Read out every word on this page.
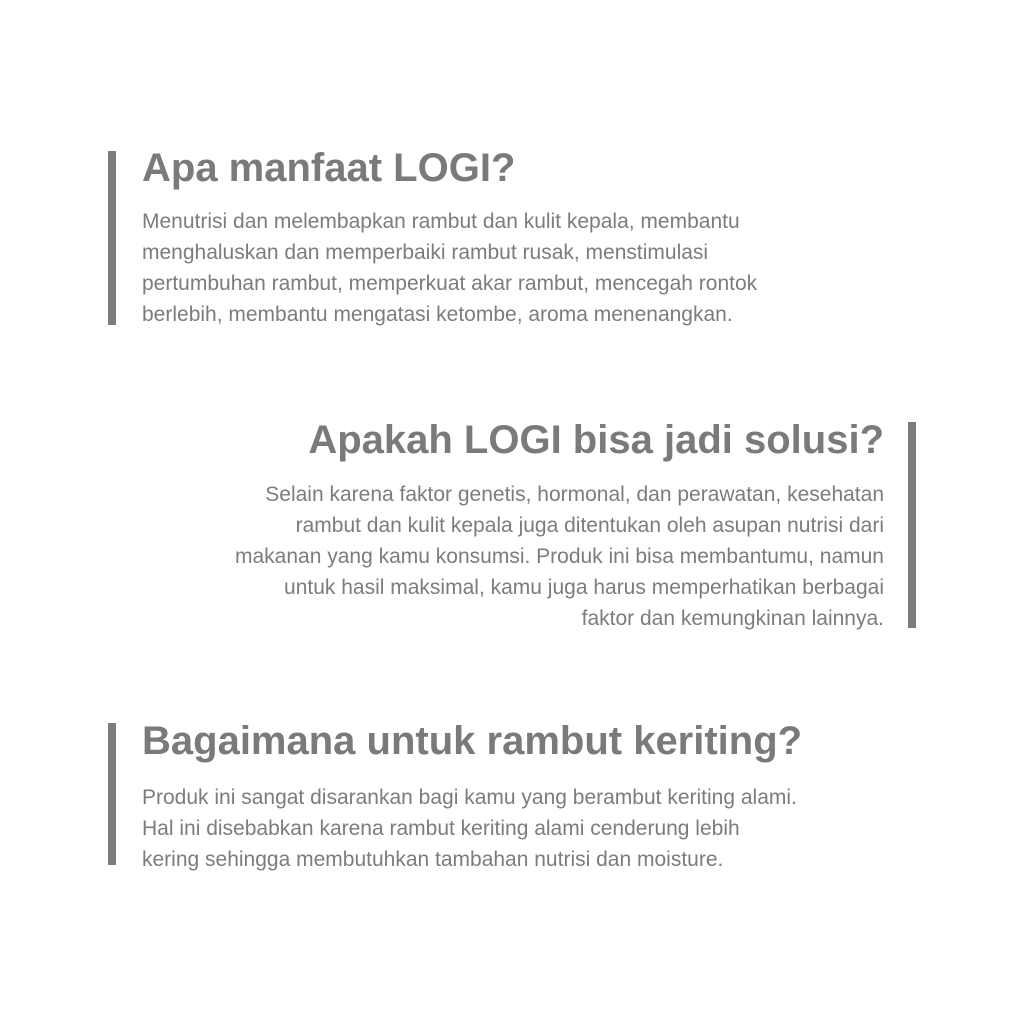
Apa manfaat LOGI?

Menutrisi dan melembapkan rambut dan kulit kepala, membantu
menghaluskan dan memperbaiki rambut rusak, menstimulasi
pertumbuhan rambut, memperkuat akar rambut, mencegah rontok
berlebih, membantu mengatasi ketombe, aroma menenangkan.

Apakah LOGI bisa jadi solusi?

Selain karena faktor genetis, hormonal, dan perawatan, kesehatan
rambut dan kulit kepala juga ditentukan oleh asupan nutrisi dari
makanan yang kamu konsumsi. Produk ini bisa membantumu, namun
untuk hasil maksimal, kamu juga harus memperhatikan berbagai
faktor dan kemungkinan lainnya.

Bagaimana untuk rambut keriting?

Produk ini sangat disarankan bagi kamu yang berambut keriting alami.
Hal ini disebabkan karena rambut keriting alami cenderung lebih
kering sehingga membutuhkan tambahan nutrisi dan moisture.
